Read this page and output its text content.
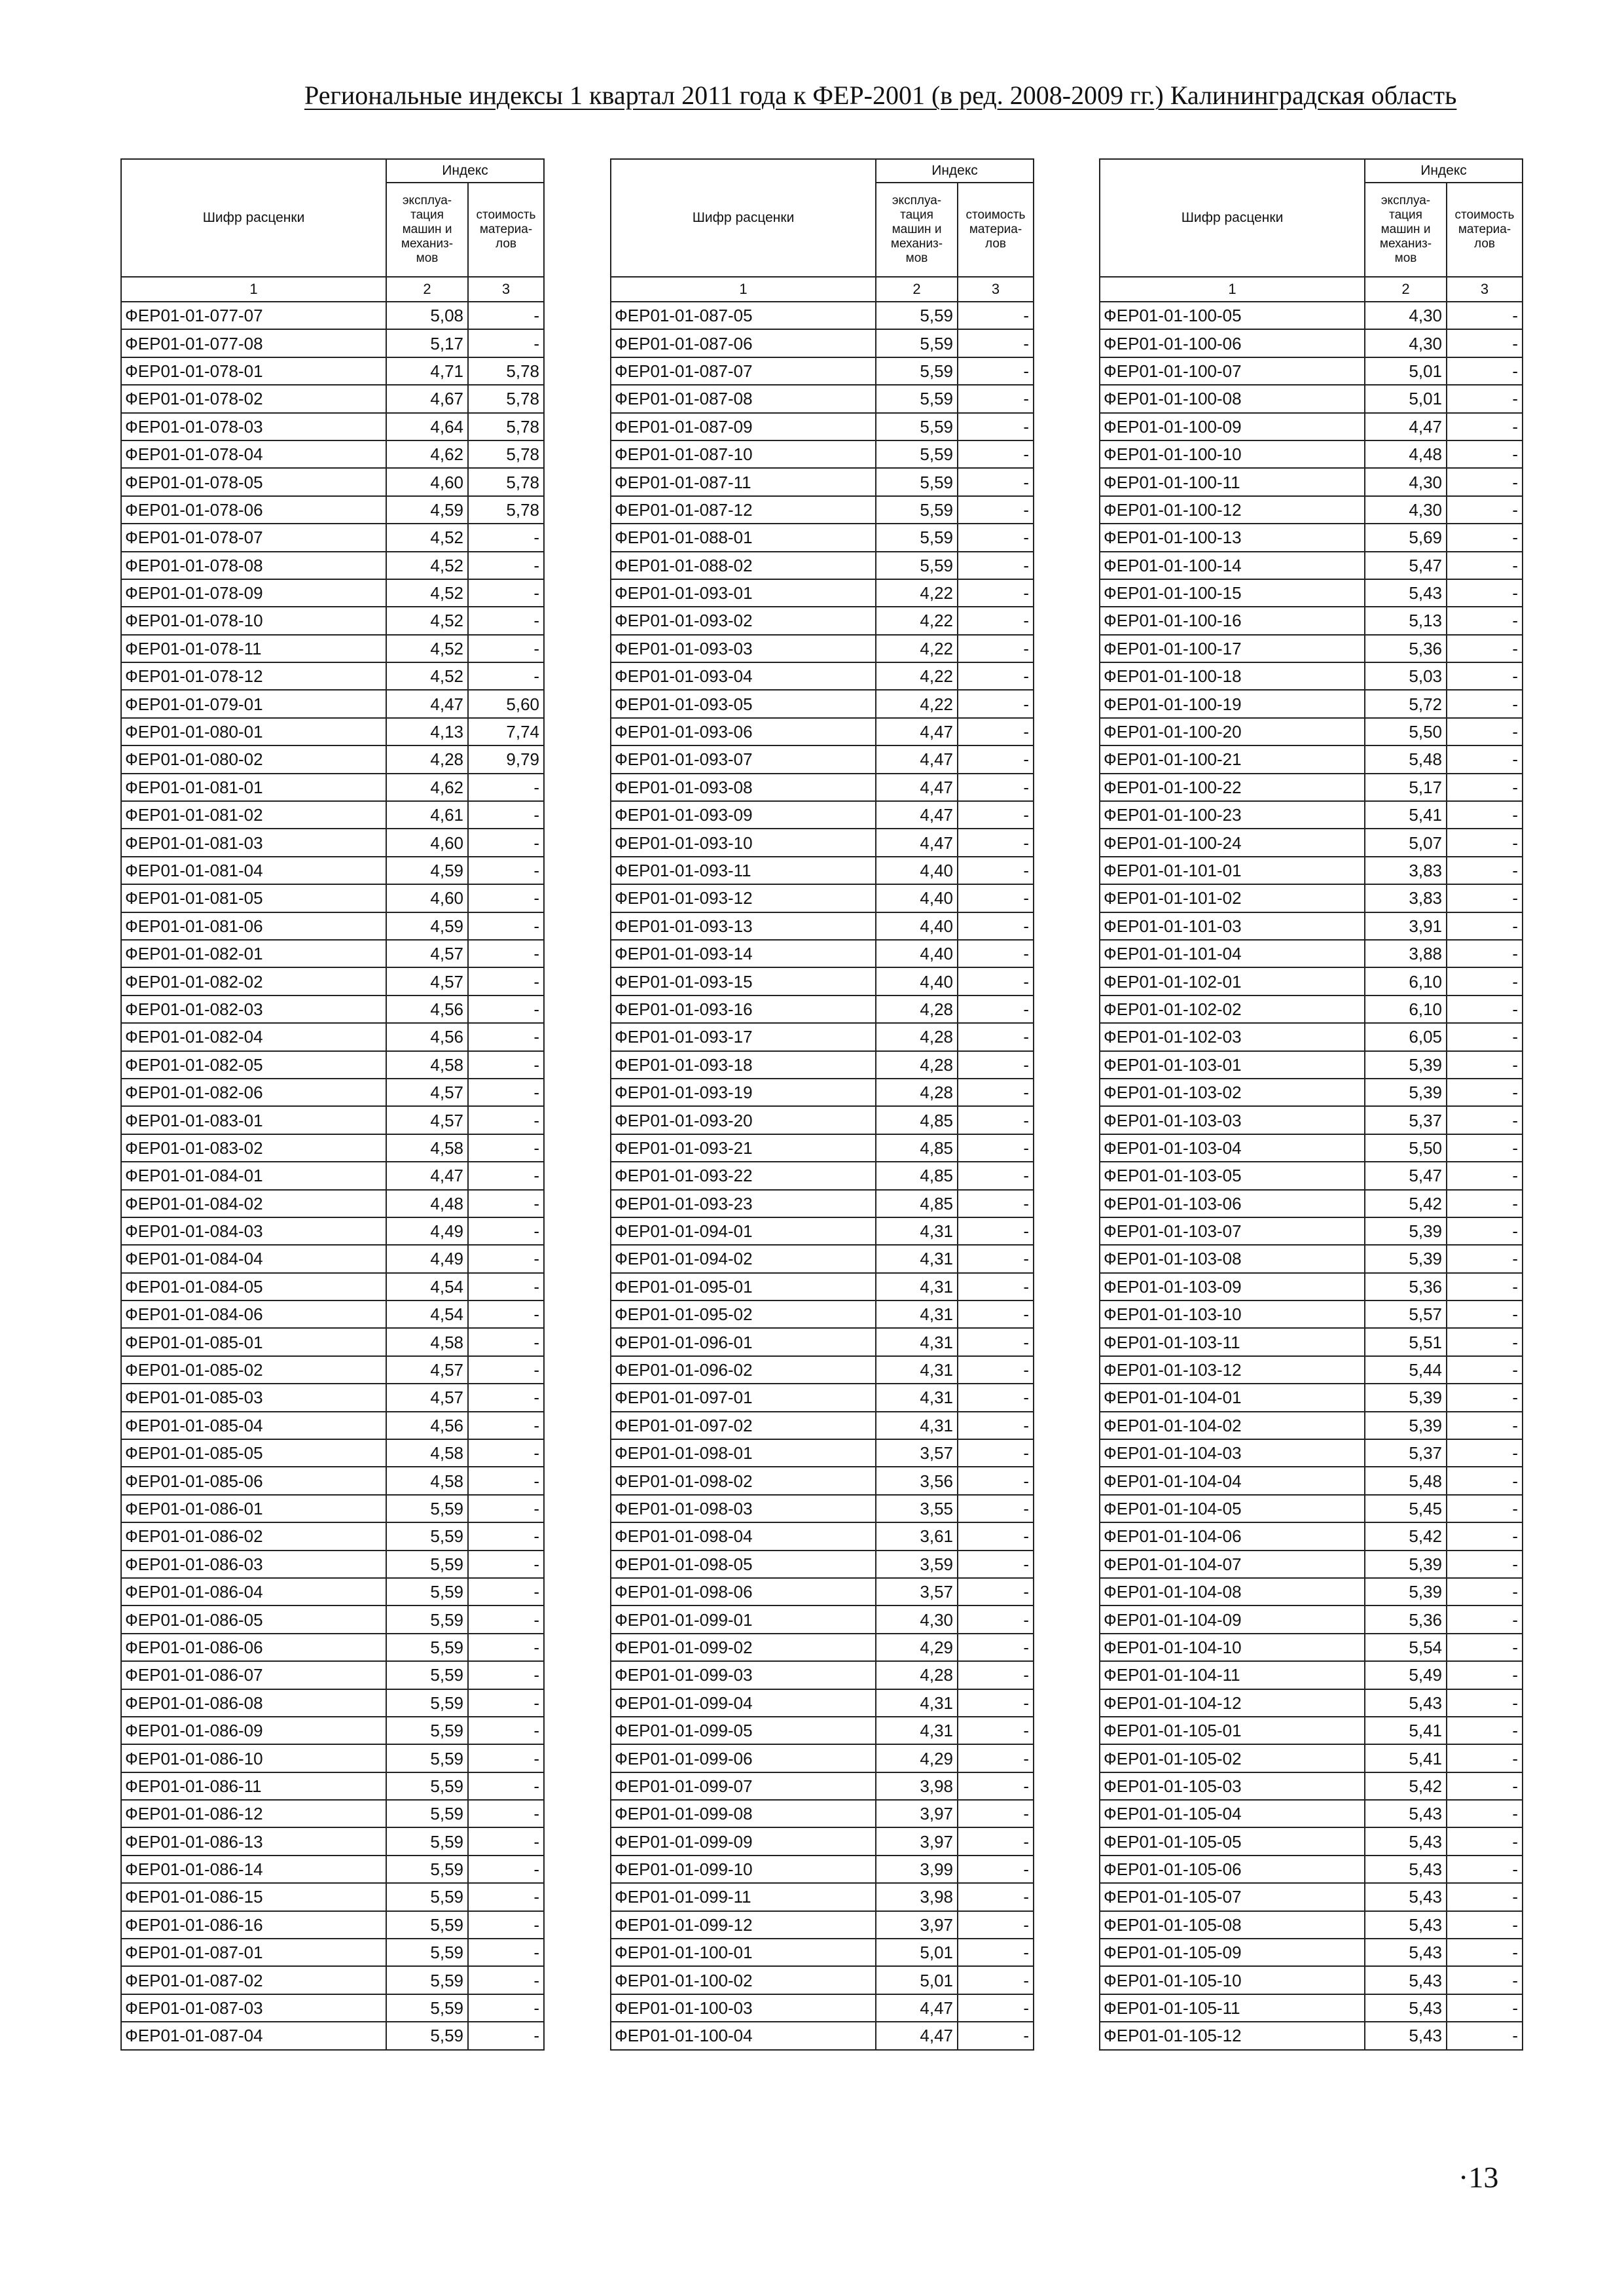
Региональные индексы 1 квартал 2011 года к ФЕР-2001 (в ред. 2008-2009 гг.) Калининградская область
Шифр расценки	Индекс	
	эксплуа-
тация
машин и
механиз-
мов	стоимость
материа-
лов
1	2	3
ФЕР01-01-077-07	5,08	-
ФЕР01-01-077-08	5,17	-
ФЕР01-01-078-01	4,71	5,78
ФЕР01-01-078-02	4,67	5,78
ФЕР01-01-078-03	4,64	5,78
ФЕР01-01-078-04	4,62	5,78
ФЕР01-01-078-05	4,60	5,78
ФЕР01-01-078-06	4,59	5,78
ФЕР01-01-078-07	4,52	-
ФЕР01-01-078-08	4,52	-
ФЕР01-01-078-09	4,52	-
ФЕР01-01-078-10	4,52	-
ФЕР01-01-078-11	4,52	-
ФЕР01-01-078-12	4,52	-
ФЕР01-01-079-01	4,47	5,60
ФЕР01-01-080-01	4,13	7,74
ФЕР01-01-080-02	4,28	9,79
ФЕР01-01-081-01	4,62	-
ФЕР01-01-081-02	4,61	-
ФЕР01-01-081-03	4,60	-
ФЕР01-01-081-04	4,59	-
ФЕР01-01-081-05	4,60	-
ФЕР01-01-081-06	4,59	-
ФЕР01-01-082-01	4,57	-
ФЕР01-01-082-02	4,57	-
ФЕР01-01-082-03	4,56	-
ФЕР01-01-082-04	4,56	-
ФЕР01-01-082-05	4,58	-
ФЕР01-01-082-06	4,57	-
ФЕР01-01-083-01	4,57	-
ФЕР01-01-083-02	4,58	-
ФЕР01-01-084-01	4,47	-
ФЕР01-01-084-02	4,48	-
ФЕР01-01-084-03	4,49	-
ФЕР01-01-084-04	4,49	-
ФЕР01-01-084-05	4,54	-
ФЕР01-01-084-06	4,54	-
ФЕР01-01-085-01	4,58	-
ФЕР01-01-085-02	4,57	-
ФЕР01-01-085-03	4,57	-
ФЕР01-01-085-04	4,56	-
ФЕР01-01-085-05	4,58	-
ФЕР01-01-085-06	4,58	-
ФЕР01-01-086-01	5,59	-
ФЕР01-01-086-02	5,59	-
ФЕР01-01-086-03	5,59	-
ФЕР01-01-086-04	5,59	-
ФЕР01-01-086-05	5,59	-
ФЕР01-01-086-06	5,59	-
ФЕР01-01-086-07	5,59	-
ФЕР01-01-086-08	5,59	-
ФЕР01-01-086-09	5,59	-
ФЕР01-01-086-10	5,59	-
ФЕР01-01-086-11	5,59	-
ФЕР01-01-086-12	5,59	-
ФЕР01-01-086-13	5,59	-
ФЕР01-01-086-14	5,59	-
ФЕР01-01-086-15	5,59	-
ФЕР01-01-086-16	5,59	-
ФЕР01-01-087-01	5,59	-
ФЕР01-01-087-02	5,59	-
ФЕР01-01-087-03	5,59	-
ФЕР01-01-087-04	5,59	-
Шифр расценки	Индекс	
	эксплуа-
тация
машин и
механиз-
мов	стоимость
материа-
лов
1	2	3
ФЕР01-01-087-05	5,59	-
ФЕР01-01-087-06	5,59	-
ФЕР01-01-087-07	5,59	-
ФЕР01-01-087-08	5,59	-
ФЕР01-01-087-09	5,59	-
ФЕР01-01-087-10	5,59	-
ФЕР01-01-087-11	5,59	-
ФЕР01-01-087-12	5,59	-
ФЕР01-01-088-01	5,59	-
ФЕР01-01-088-02	5,59	-
ФЕР01-01-093-01	4,22	-
ФЕР01-01-093-02	4,22	-
ФЕР01-01-093-03	4,22	-
ФЕР01-01-093-04	4,22	-
ФЕР01-01-093-05	4,22	-
ФЕР01-01-093-06	4,47	-
ФЕР01-01-093-07	4,47	-
ФЕР01-01-093-08	4,47	-
ФЕР01-01-093-09	4,47	-
ФЕР01-01-093-10	4,47	-
ФЕР01-01-093-11	4,40	-
ФЕР01-01-093-12	4,40	-
ФЕР01-01-093-13	4,40	-
ФЕР01-01-093-14	4,40	-
ФЕР01-01-093-15	4,40	-
ФЕР01-01-093-16	4,28	-
ФЕР01-01-093-17	4,28	-
ФЕР01-01-093-18	4,28	-
ФЕР01-01-093-19	4,28	-
ФЕР01-01-093-20	4,85	-
ФЕР01-01-093-21	4,85	-
ФЕР01-01-093-22	4,85	-
ФЕР01-01-093-23	4,85	-
ФЕР01-01-094-01	4,31	-
ФЕР01-01-094-02	4,31	-
ФЕР01-01-095-01	4,31	-
ФЕР01-01-095-02	4,31	-
ФЕР01-01-096-01	4,31	-
ФЕР01-01-096-02	4,31	-
ФЕР01-01-097-01	4,31	-
ФЕР01-01-097-02	4,31	-
ФЕР01-01-098-01	3,57	-
ФЕР01-01-098-02	3,56	-
ФЕР01-01-098-03	3,55	-
ФЕР01-01-098-04	3,61	-
ФЕР01-01-098-05	3,59	-
ФЕР01-01-098-06	3,57	-
ФЕР01-01-099-01	4,30	-
ФЕР01-01-099-02	4,29	-
ФЕР01-01-099-03	4,28	-
ФЕР01-01-099-04	4,31	-
ФЕР01-01-099-05	4,31	-
ФЕР01-01-099-06	4,29	-
ФЕР01-01-099-07	3,98	-
ФЕР01-01-099-08	3,97	-
ФЕР01-01-099-09	3,97	-
ФЕР01-01-099-10	3,99	-
ФЕР01-01-099-11	3,98	-
ФЕР01-01-099-12	3,97	-
ФЕР01-01-100-01	5,01	-
ФЕР01-01-100-02	5,01	-
ФЕР01-01-100-03	4,47	-
ФЕР01-01-100-04	4,47	-
Шифр расценки	Индекс	
	эксплуа-
тация
машин и
механиз-
мов	стоимость
материа-
лов
1	2	3
ФЕР01-01-100-05	4,30	-
ФЕР01-01-100-06	4,30	-
ФЕР01-01-100-07	5,01	-
ФЕР01-01-100-08	5,01	-
ФЕР01-01-100-09	4,47	-
ФЕР01-01-100-10	4,48	-
ФЕР01-01-100-11	4,30	-
ФЕР01-01-100-12	4,30	-
ФЕР01-01-100-13	5,69	-
ФЕР01-01-100-14	5,47	-
ФЕР01-01-100-15	5,43	-
ФЕР01-01-100-16	5,13	-
ФЕР01-01-100-17	5,36	-
ФЕР01-01-100-18	5,03	-
ФЕР01-01-100-19	5,72	-
ФЕР01-01-100-20	5,50	-
ФЕР01-01-100-21	5,48	-
ФЕР01-01-100-22	5,17	-
ФЕР01-01-100-23	5,41	-
ФЕР01-01-100-24	5,07	-
ФЕР01-01-101-01	3,83	-
ФЕР01-01-101-02	3,83	-
ФЕР01-01-101-03	3,91	-
ФЕР01-01-101-04	3,88	-
ФЕР01-01-102-01	6,10	-
ФЕР01-01-102-02	6,10	-
ФЕР01-01-102-03	6,05	-
ФЕР01-01-103-01	5,39	-
ФЕР01-01-103-02	5,39	-
ФЕР01-01-103-03	5,37	-
ФЕР01-01-103-04	5,50	-
ФЕР01-01-103-05	5,47	-
ФЕР01-01-103-06	5,42	-
ФЕР01-01-103-07	5,39	-
ФЕР01-01-103-08	5,39	-
ФЕР01-01-103-09	5,36	-
ФЕР01-01-103-10	5,57	-
ФЕР01-01-103-11	5,51	-
ФЕР01-01-103-12	5,44	-
ФЕР01-01-104-01	5,39	-
ФЕР01-01-104-02	5,39	-
ФЕР01-01-104-03	5,37	-
ФЕР01-01-104-04	5,48	-
ФЕР01-01-104-05	5,45	-
ФЕР01-01-104-06	5,42	-
ФЕР01-01-104-07	5,39	-
ФЕР01-01-104-08	5,39	-
ФЕР01-01-104-09	5,36	-
ФЕР01-01-104-10	5,54	-
ФЕР01-01-104-11	5,49	-
ФЕР01-01-104-12	5,43	-
ФЕР01-01-105-01	5,41	-
ФЕР01-01-105-02	5,41	-
ФЕР01-01-105-03	5,42	-
ФЕР01-01-105-04	5,43	-
ФЕР01-01-105-05	5,43	-
ФЕР01-01-105-06	5,43	-
ФЕР01-01-105-07	5,43	-
ФЕР01-01-105-08	5,43	-
ФЕР01-01-105-09	5,43	-
ФЕР01-01-105-10	5,43	-
ФЕР01-01-105-11	5,43	-
ФЕР01-01-105-12	5,43	-
·13
